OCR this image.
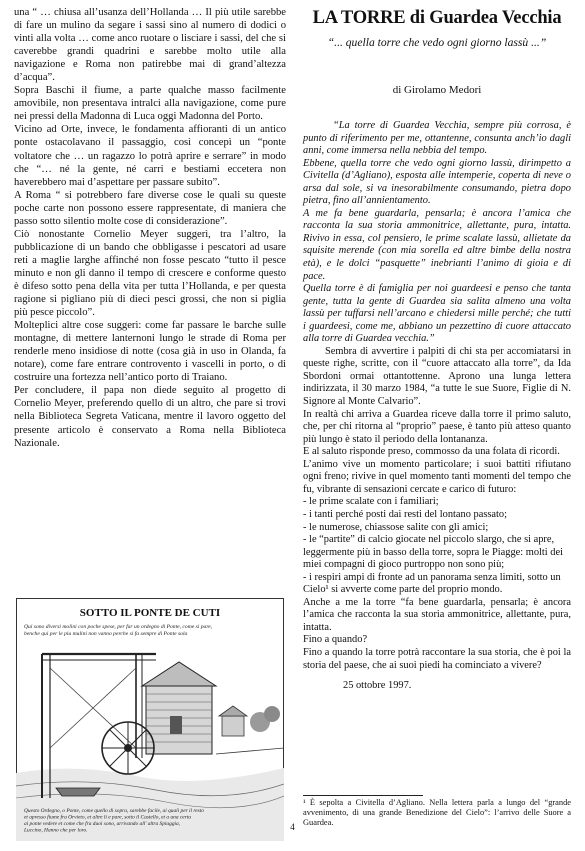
una “ … chiusa all’usanza dell’Hollanda … Il più utile sarebbe di fare un mulino da segare i sassi sino al numero di dodici o vinti alla volta … come anco ruotare o lisciare i sassi, del che si caverebbe grandi quadrini e sarebbe molto utile alla navigazione e Roma non patirebbe mai di grand’altezza d’acqua”.

Sopra Baschi il fiume, a parte qualche masso facilmente amovibile, non presentava intralci alla navigazione, come pure nei pressi della Madonna di Luca oggi Madonna del Porto.

Vicino ad Orte, invece, le fondamenta affioranti di un antico ponte ostacolavano il passaggio, così concepì un “ponte voltatore che … un ragazzo lo potrà aprire e serrare” in modo che “… né la gente, né carri e bestiami eccetera non haverebbero mai d’aspettare per passare subito”.

A Roma “ si potrebbero fare diverse cose le quali su queste poche carte non possono essere rappresentate, di maniera che passo sotto silentio molte cose di considerazione”.

Ciò nonostante Cornelio Meyer suggerì, tra l’altro, la pubblicazione di un bando che obbligasse i pescatori ad usare reti a maglie larghe affinché non fosse pescato “tutto il pesce minuto e non gli danno il tempo di crescere e conforme questo è difeso sotto pena della vita per tutta l’Hollanda, e per questa ragione si pigliano più di dieci pesci grossi, che non si piglia più pesce piccolo”.

Molteplici altre cose suggerì: come far passare le barche sulle montagne, di mettere lanternoni lungo le strade di Roma per renderle meno insidiose di notte (cosa già in uso in Olanda, fa notare), come fare entrare controvento i vascelli in porto, o di costruire una fortezza nell’antico porto di Traiano.

Per concludere, il papa non diede seguito al progetto di Cornelio Meyer, preferendo quello di un altro, che pare si trovi nella Biblioteca Segreta Vaticana, mentre il lavoro oggetto del presente articolo è conservato a Roma nella Biblioteca Nazionale.

SOTTO IL PONTE DE CUTI
Qui sono diversi molini con poche spese, per far un ordegno di Ponte, come si pare, benche qui per le piu mulini non vanno perche si fa sempre di Ponte sola
Questo Ordegno, o Ponte, come quello di sopra, sarebbe facile, ai quali per il resto et apresso fiume fra Orvieto, et altre li e pare, sotto il Castello, et a una certa ai ponte vedere et come che fra duoi sono, arrivando all' altra Spiaggia, Luccino, Hanno che per loro.
LA TORRE di Guardea Vecchia
“... quella torre che vedo ogni giorno lassù ...”
di Girolamo Medori

“La torre di Guardea Vecchia, sempre più corrosa, è punto di riferimento per me, ottantenne, consunta anch’io dagli anni, come immersa nella nebbia del tempo.

Ebbene, quella torre che vedo ogni giorno lassù, dirimpetto a Civitella (d’Agliano), esposta alle intemperie, coperta di neve o arsa dal sole, si va inesorabilmente consumando, pietra dopo pietra, fino all’annientamento.

A me fa bene guardarla, pensarla; è ancora l’amica che racconta la sua storia ammonitrice, allettante, pura, intatta. Rivivo in essa, col pensiero, le prime scalate lassù, allietate da squisite merende (con mia sorella ed altre bimbe della nostra età), e le dolci “pasquette” inebrianti l’animo di gioia e di pace.

Quella torre è di famiglia per noi guardeesi e penso che tanta gente, tutta la gente di Guardea sia salita almeno una volta lassù per tuffarsi nell’arcano e chiedersi mille perché; che tutti i guardeesi, come me, abbiano un pezzettino di cuore attaccato alla torre di Guardea vecchia.”

Sembra di avvertire i palpiti di chi sta per accomiatarsi in queste righe, scritte, con il “cuore attaccato alla torre”, da Ida Sbordoni ormai ottantottenne. Aprono una lunga lettera indirizzata, il 30 marzo 1984, “a tutte le sue Suore, Figlie di N. Signore al Monte Calvario”.

In realtà chi arriva a Guardea riceve dalla torre il primo saluto, che, per chi ritorna al “proprio” paese, è tanto più atteso quanto più lungo è stato il periodo della lontananza.

E al saluto risponde preso, commosso da una folata di ricordi.

L’animo vive un momento particolare; i suoi battiti rifiutano ogni freno; rivive in quel momento tanti momenti del tempo che fu, vibrante di sensazioni cercate e carico di futuro:

- le prime scalate con i familiari;

- i tanti perché posti dai resti del lontano passato;

- le numerose, chiassose salite con gli amici;

- le “partite” di calcio giocate nel piccolo slargo, che si apre, leggermente più in basso della torre, sopra le Piagge: molti dei miei compagni di gioco purtroppo non sono più;

- i respiri ampi di fronte ad un panorama senza limiti, sotto un Cielo¹ si avverte come parte del proprio mondo.

Anche a me la torre “fa bene guardarla, pensarla; è ancora l’amica che racconta la sua storia ammonitrice, allettante, pura, intatta.

Fino a quando?

Fino a quando la torre potrà raccontare la sua storia, che è poi la storia del paese, che ai suoi piedi ha cominciato a vivere?

25 ottobre 1997.

¹ È sepolta a Civitella d’Agliano. Nella lettera parla a lungo del “grande avvenimento, di una grande Benedizione del Cielo”: l’arrivo delle Suore a Guardea.

4
